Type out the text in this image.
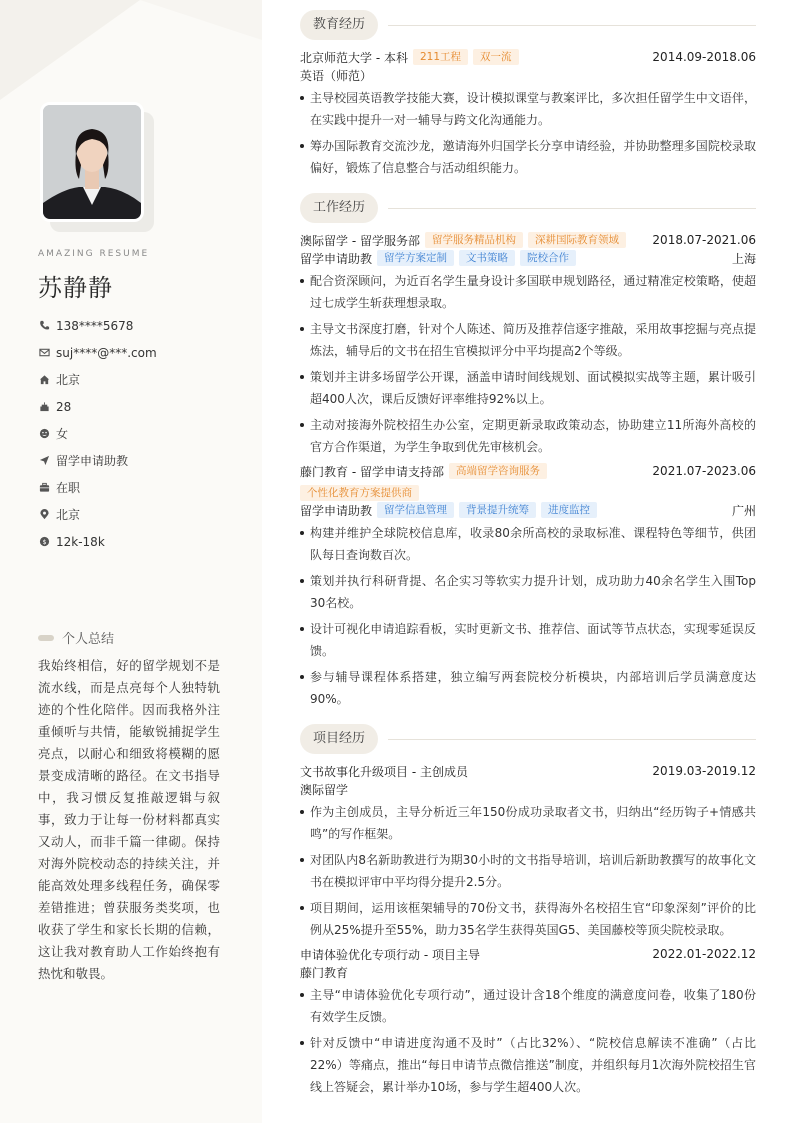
AMAZING RESUME
苏静静
138****5678
suj****@***.com
北京
28
女
留学申请助教
在职
北京
$ 12k-18k
个人总结
我始终相信，好的留学规划不是流水线，而是点亮每个人独特轨迹的个性化陪伴。因而我格外注重倾听与共情，能敏锐捕捉学生亮点，以耐心和细致将模糊的愿景变成清晰的路径。在文书指导中，我习惯反复推敲逻辑与叙事，致力于让每一份材料都真实又动人，而非千篇一律砌。保持对海外院校动态的持续关注，并能高效处理多线程任务，确保零差错推进；曾获服务类奖项，也收获了学生和家长长期的信赖，这让我对教育助人工作始终抱有热忱和敬畏。
教育经历
北京师范大学 - 本科	211工程	双一流	2014.09-2018.06
英语（师范）
主导校园英语教学技能大赛，设计模拟课堂与教案评比，多次担任留学生中文语伴，在实践中提升一对一辅导与跨文化沟通能力。
筹办国际教育交流沙龙，邀请海外归国学长分享申请经验，并协助整理多国院校录取偏好，锻炼了信息整合与活动组织能力。
工作经历
澳际留学 - 留学服务部	留学服务精品机构	深耕国际教育领域	2018.07-2021.06
留学申请助教	留学方案定制	文书策略	院校合作	上海
配合资深顾问，为近百名学生量身设计多国联申规划路径，通过精准定校策略，使超过七成学生斩获理想录取。
主导文书深度打磨，针对个人陈述、简历及推荐信逐字推敲，采用故事挖掘与亮点提炼法，辅导后的文书在招生官模拟评分中平均提高2个等级。
策划并主讲多场留学公开课，涵盖申请时间线规划、面试模拟实战等主题，累计吸引超400人次，课后反馈好评率维持92%以上。
主动对接海外院校招生办公室，定期更新录取政策动态，协助建立11所海外高校的官方合作渠道，为学生争取到优先审核机会。
藤门教育 - 留学申请支持部	高端留学咨询服务	2021.07-2023.06
个性化教育方案提供商
留学申请助教	留学信息管理	背景提升统筹	进度监控	广州
构建并维护全球院校信息库，收录80余所高校的录取标准、课程特色等细节，供团队每日查询数百次。
策划并执行科研背提、名企实习等软实力提升计划，成功助力40余名学生入围Top 30名校。
设计可视化申请追踪看板，实时更新文书、推荐信、面试等节点状态，实现零延误反馈。
参与辅导课程体系搭建，独立编写两套院校分析模块，内部培训后学员满意度达90%。
项目经历
文书故事化升级项目 - 主创成员	2019.03-2019.12
澳际留学
作为主创成员，主导分析近三年150份成功录取者文书，归纳出“经历钩子+情感共鸣”的写作框架。
对团队内8名新助教进行为期30小时的文书指导培训，培训后新助教撰写的故事化文书在模拟评审中平均得分提升2.5分。
项目期间，运用该框架辅导的70份文书，获得海外名校招生官“印象深刻”评价的比例从25%提升至55%，助力35名学生获得英国G5、美国藤校等顶尖院校录取。
申请体验优化专项行动 - 项目主导	2022.01-2022.12
藤门教育
主导“申请体验优化专项行动”，通过设计含18个维度的满意度问卷，收集了180份有效学生反馈。
针对反馈中“申请进度沟通不及时”（占比32%）、“院校信息解读不准确”（占比22%）等痛点，推出“每日申请节点微信推送”制度，并组织每月1次海外院校招生官线上答疑会，累计举办10场，参与学生超400人次。
